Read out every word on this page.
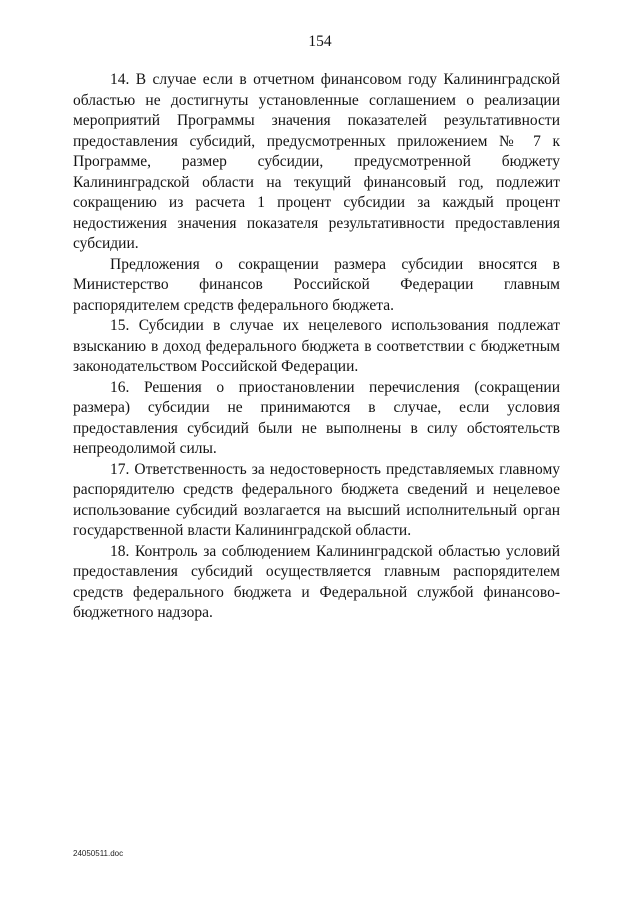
154

14. В случае если в отчетном финансовом году Калининградской областью не достигнуты установленные соглашением о реализации мероприятий Программы значения показателей результативности предоставления субсидий, предусмотренных приложением № 7 к Программе, размер субсидии, предусмотренной бюджету Калининградской области на текущий финансовый год, подлежит сокращению из расчета 1 процент субсидии за каждый процент недостижения значения показателя результативности предоставления субсидии.

Предложения о сокращении размера субсидии вносятся в Министерство финансов Российской Федерации главным распорядителем средств федерального бюджета.

15. Субсидии в случае их нецелевого использования подлежат взысканию в доход федерального бюджета в соответствии с бюджетным законодательством Российской Федерации.

16. Решения о приостановлении перечисления (сокращении размера) субсидии не принимаются в случае, если условия предоставления субсидий были не выполнены в силу обстоятельств непреодолимой силы.

17. Ответственность за недостоверность представляемых главному распорядителю средств федерального бюджета сведений и нецелевое использование субсидий возлагается на высший исполнительный орган государственной власти Калининградской области.

18. Контроль за соблюдением Калининградской областью условий предоставления субсидий осуществляется главным распорядителем средств федерального бюджета и Федеральной службой финансово-бюджетного надзора.

24050511.doc
